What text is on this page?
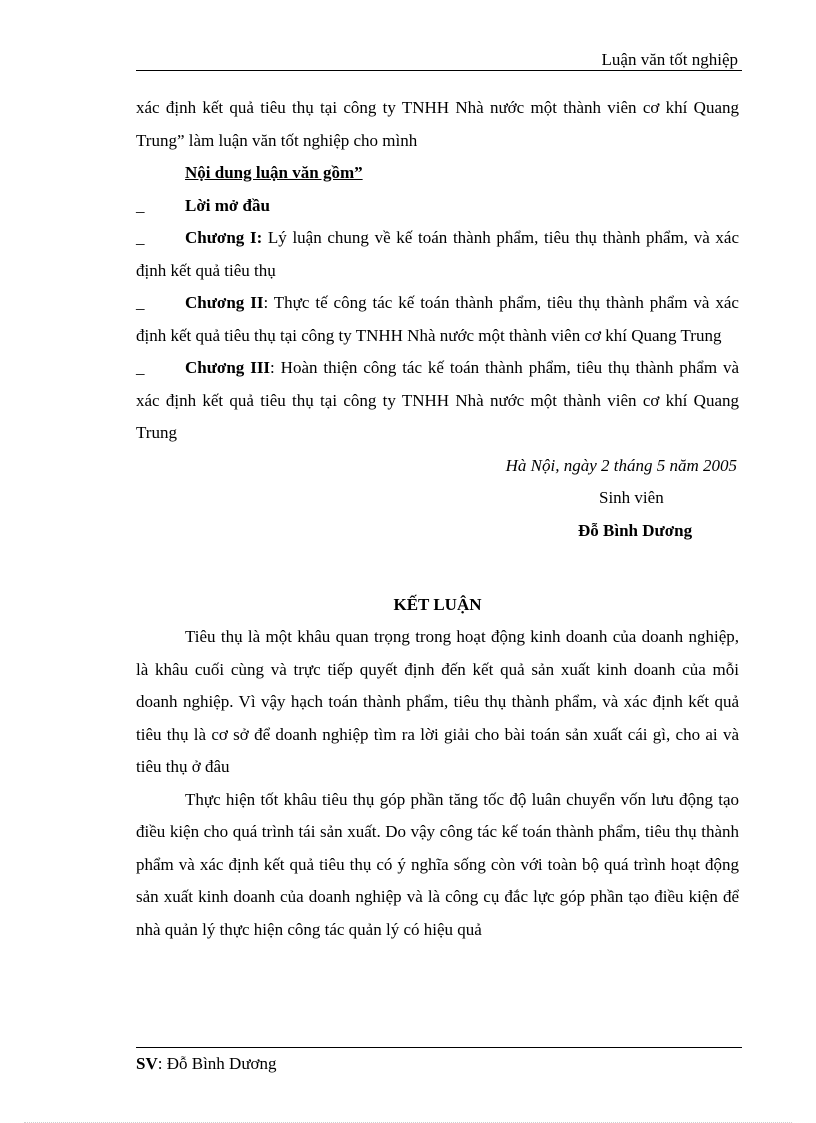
Luận văn tốt nghiệp

xác định kết quả tiêu thụ tại công ty TNHH Nhà nước một thành viên cơ khí Quang Trung” làm luận văn tốt nghiệp cho mình

Nội dung luận văn gồm”

_ Lời mở đầu

_ Chương I: Lý luận chung về kế toán thành phẩm, tiêu thụ thành phẩm, và xác định kết quả tiêu thụ

_ Chương II: Thực tế công tác kế toán thành phẩm, tiêu thụ thành phẩm và xác định kết quả tiêu thụ tại công ty TNHH Nhà nước một thành viên cơ khí Quang Trung

_ Chương III: Hoàn thiện công tác kế toán thành phẩm, tiêu thụ thành phẩm và xác định kết quả tiêu thụ tại công ty TNHH Nhà nước một thành viên cơ khí Quang Trung

Hà Nội, ngày 2 tháng 5 năm 2005

Sinh viên

Đỗ Bình Dương

KẾT LUẬN

Tiêu thụ là một khâu quan trọng trong hoạt động kinh doanh của doanh nghiệp, là khâu cuối cùng và trực tiếp quyết định đến kết quả sản xuất kinh doanh của mỗi doanh nghiệp. Vì vậy hạch toán thành phẩm, tiêu thụ thành phẩm, và xác định kết quả tiêu thụ là cơ sở để doanh nghiệp tìm ra lời giải cho bài toán sản xuất cái gì, cho ai và tiêu thụ ở đâu

Thực hiện tốt khâu tiêu thụ góp phần tăng tốc độ luân chuyển vốn lưu động tạo điều kiện cho quá trình tái sản xuất. Do vậy công tác kế toán thành phẩm, tiêu thụ thành phẩm và xác định kết quả tiêu thụ có ý nghĩa sống còn với toàn bộ quá trình hoạt động sản xuất kinh doanh của doanh nghiệp và là công cụ đắc lực góp phần tạo điều kiện để nhà quản lý thực hiện công tác quản lý có hiệu quả

SV: Đỗ Bình Dương
